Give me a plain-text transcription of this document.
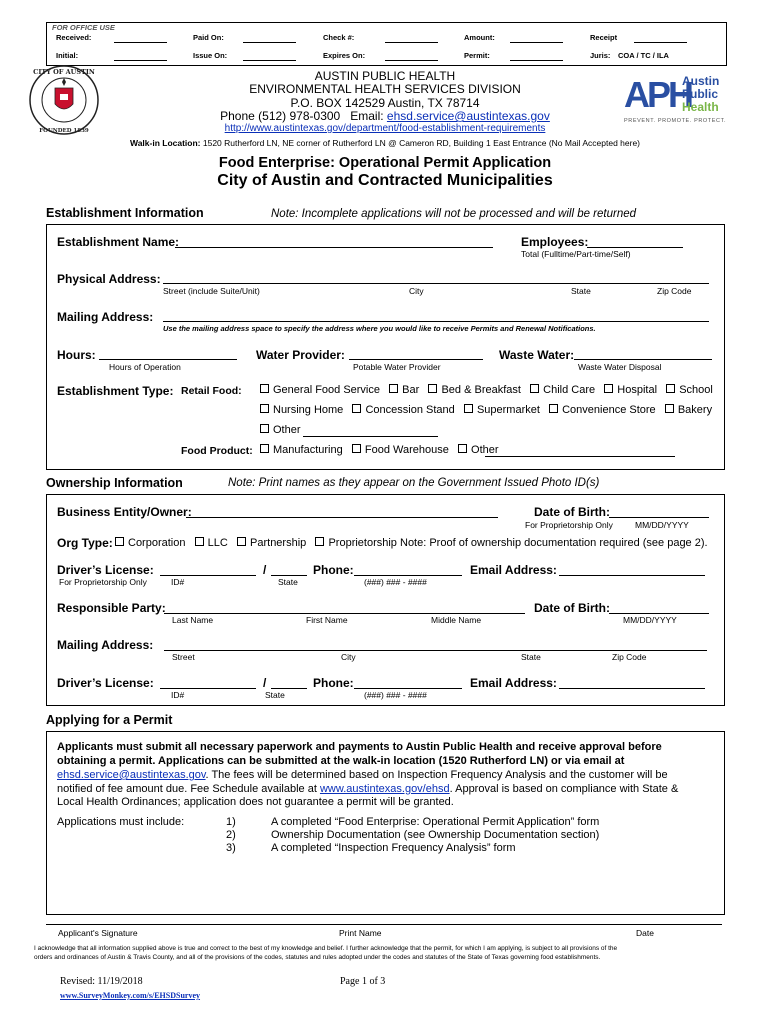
FOR OFFICE USE
Received:	Paid On:	Check #:	Amount:	Receipt
Initial:	Issue On:	Expires On:	Permit:	Juris: COA / TC / ILA
CITY OF AUSTIN
FOUNDED 1839
AUSTIN PUBLIC HEALTH
ENVIRONMENTAL HEALTH SERVICES DIVISION
P.O. BOX 142529 Austin, TX 78714
Phone (512) 978-0300 Email: ehsd.service@austintexas.gov
http://www.austintexas.gov/department/food-establishment-requirements
Walk-in Location: 1520 Rutherford LN, NE corner of Rutherford LN @ Cameron RD, Building 1 East Entrance (No Mail Accepted here)
APH
Austin
Public
Health
PREVENT. PROMOTE. PROTECT.
Food Enterprise: Operational Permit Application
City of Austin and Contracted Municipalities
Establishment Information	Note: Incomplete applications will not be processed and will be returned
Establishment Name:	Employees:
Total (Fulltime/Part-time/Self)
Physical Address:
Street (include Suite/Unit)	City	State	Zip Code
Mailing Address:
Use the mailing address space to specify the address where you would like to receive Permits and Renewal Notifications.
Hours:
Hours of Operation
Water Provider:
Potable Water Provider
Waste Water:
Waste Water Disposal
Establishment Type: Retail Food:	General Food Service Bar Bed & Breakfast Child Care Hospital School
Nursing Home Concession Stand Supermarket Convenience Store Bakery
Other
Food Product:	Manufacturing Food Warehouse Other
Ownership Information	Note: Print names as they appear on the Government Issued Photo ID(s)
Business Entity/Owner:	Date of Birth:
For Proprietorship Only	MM/DD/YYYY
Org Type:	Corporation LLC Partnership Proprietorship Note: Proof of ownership documentation required (see page 2).
Driver’s License:	/
For Proprietorship Only	ID#	State
Phone:
(###) ### - ####
Email Address:
Responsible Party:
Last Name	First Name	Middle Name
Date of Birth:
MM/DD/YYYY
Mailing Address:
Street	City	State	Zip Code
Driver’s License:	/
ID#	State
Phone:
(###) ### - ####
Email Address:
Applying for a Permit
Applicants must submit all necessary paperwork and payments to Austin Public Health and receive approval before
obtaining a permit. Applications can be submitted at the walk-in location (1520 Rutherford LN) or via email at
ehsd.service@austintexas.gov. The fees will be determined based on Inspection Frequency Analysis and the customer will be
notified of fee amount due. Fee Schedule available at www.austintexas.gov/ehsd. Approval is based on compliance with State &
Local Health Ordinances; application does not guarantee a permit will be granted.
Applications must include:	1)	A completed “Food Enterprise: Operational Permit Application” form
2)	Ownership Documentation (see Ownership Documentation section)
3)	A completed “Inspection Frequency Analysis” form
Applicant's Signature	Print Name	Date
I acknowledge that all information supplied above is true and correct to the best of my knowledge and belief. I further acknowledge that the permit, for which I am applying, is subject to all provisions of the
orders and ordinances of Austin & Travis County, and all of the provisions of the codes, statutes and rules adopted under the codes and statutes of the State of Texas governing food establishments.
Revised: 11/19/2018	Page 1 of 3
www.SurveyMonkey.com/s/EHSDSurvey
